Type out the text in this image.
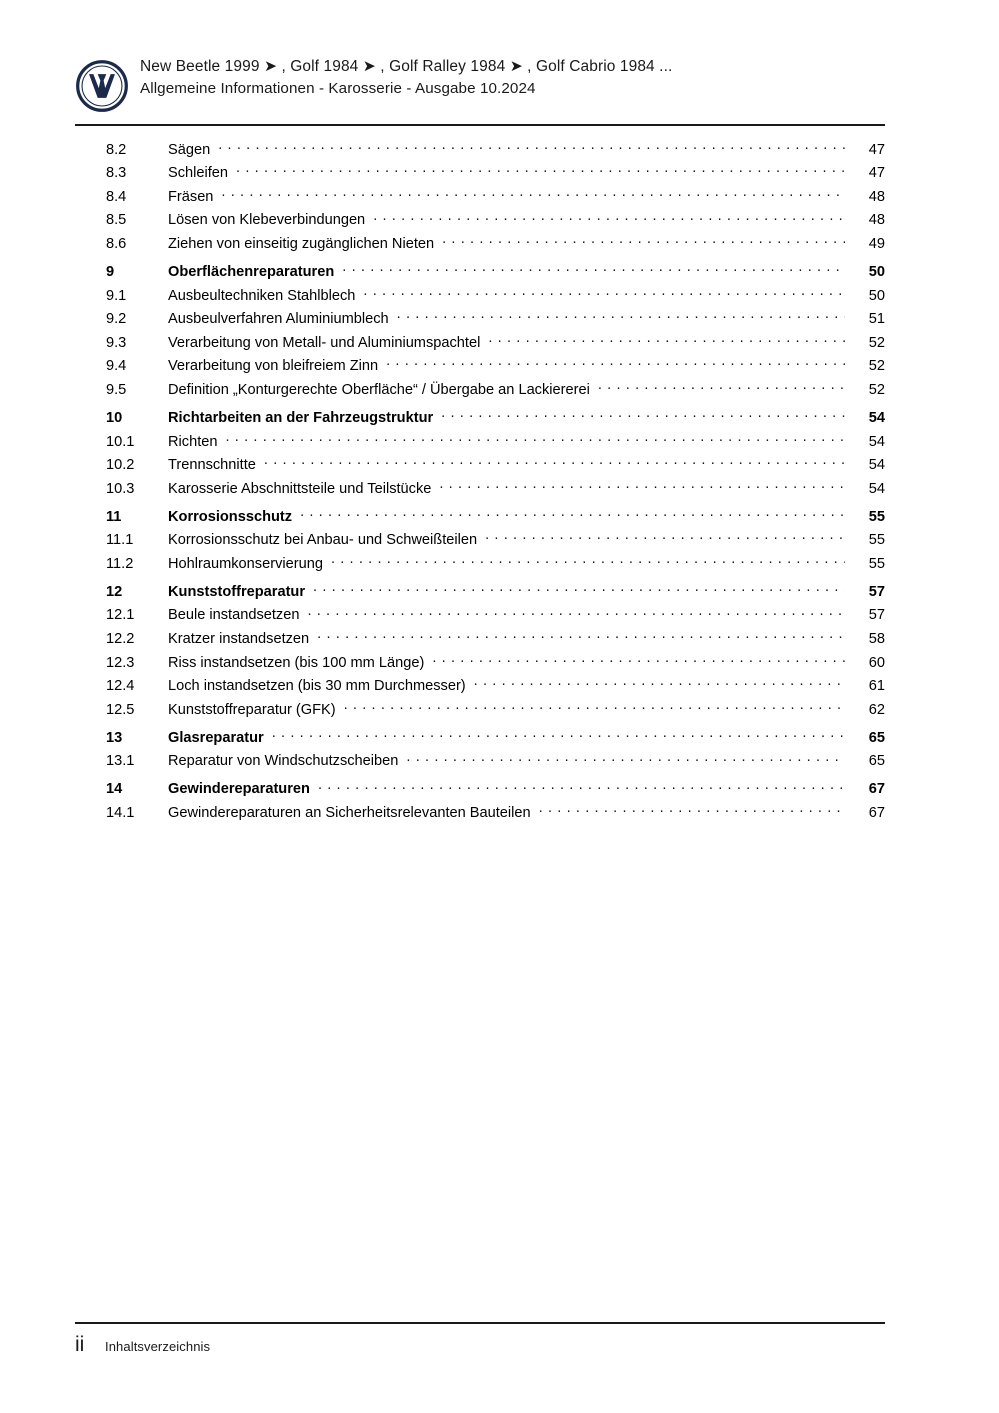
New Beetle 1999 ➤ , Golf 1984 ➤ , Golf Ralley 1984 ➤ , Golf Cabrio 1984 ...
Allgemeine Informationen - Karosserie - Ausgabe 10.2024
8.2	Sägen . . .	47
8.3	Schleifen . . .	47
8.4	Fräsen . . .	48
8.5	Lösen von Klebeverbindungen . . .	48
8.6	Ziehen von einseitig zugänglichen Nieten . . .	49
9	Oberflächenreparaturen . . .	50
9.1	Ausbeultechniken Stahlblech . . .	50
9.2	Ausbeulverfahren Aluminiumblech . . .	51
9.3	Verarbeitung von Metall- und Aluminiumspachtel . . .	52
9.4	Verarbeitung von bleifreiem Zinn . . .	52
9.5	Definition „Konturgerechte Oberfläche“ / Übergabe an Lackiererei . . .	52
10	Richtarbeiten an der Fahrzeugstruktur . . .	54
10.1	Richten . . .	54
10.2	Trennschnitte . . .	54
10.3	Karosserie Abschnittsteile und Teilstücke . . .	54
11	Korrosionsschutz . . .	55
11.1	Korrosionsschutz bei Anbau- und Schweißteilen . . .	55
11.2	Hohlraumkonservierung . . .	55
12	Kunststoffreparatur . . .	57
12.1	Beule instandsetzen . . .	57
12.2	Kratzer instandsetzen . . .	58
12.3	Riss instandsetzen (bis 100 mm Länge) . . .	60
12.4	Loch instandsetzen (bis 30 mm Durchmesser) . . .	61
12.5	Kunststoffreparatur (GFK) . . .	62
13	Glasreparatur . . .	65
13.1	Reparatur von Windschutzscheiben . . .	65
14	Gewindereparaturen . . .	67
14.1	Gewindereparaturen an Sicherheitsrelevanten Bauteilen . . .	67
ii	Inhaltsverzeichnis
